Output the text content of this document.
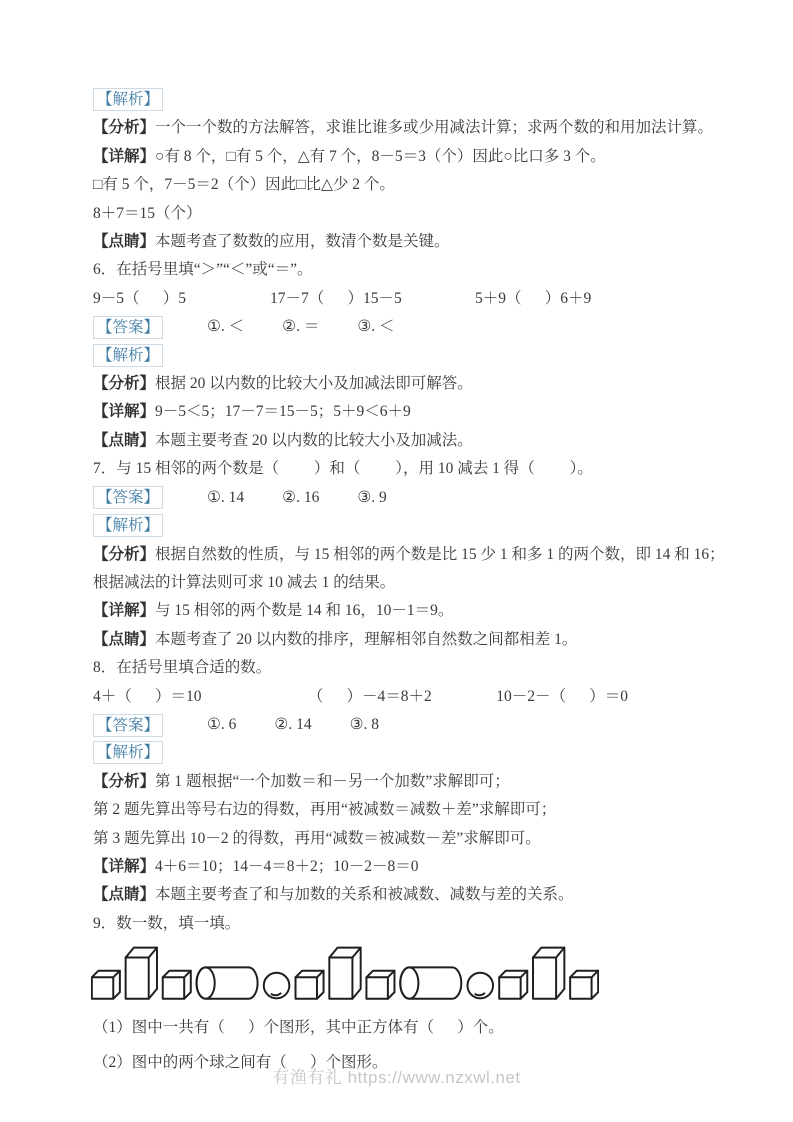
【解析】
【分析】一个一个数的方法解答，求谁比谁多或少用减法计算；求两个数的和用加法计算。
【详解】○有 8 个，□有 5 个，△有 7 个，8－5＝3（个）因此○比口多 3 个。
□有 5 个，7－5＝2（个）因此□比△少 2 个。
8＋7＝15（个）
【点睛】本题考查了数数的应用，数清个数是关键。
6．在括号里填“＞”“＜”或“＝”。
9－5（      ）5	17－7（      ）15－5	5＋9（      ）6＋9
【答案】	①. ＜ ②. ＝ ③. ＜
【解析】
【分析】根据 20 以内数的比较大小及加减法即可解答。
【详解】9－5＜5；17－7＝15－5；5＋9＜6＋9
【点睛】本题主要考查 20 以内数的比较大小及加减法。
7．与 15 相邻的两个数是（         ）和（         ），用 10 减去 1 得（         ）。
【答案】	①. 14 ②. 16 ③. 9
【解析】
【分析】根据自然数的性质，与 15 相邻的两个数是比 15 少 1 和多 1 的两个数，即 14 和 16；
根据减法的计算法则可求 10 减去 1 的结果。
【详解】与 15 相邻的两个数是 14 和 16，10－1＝9。
【点睛】本题考查了 20 以内数的排序，理解相邻自然数之间都相差 1。
8．在括号里填合适的数。
4＋（      ）＝10	（      ）－4＝8＋2	10－2－（      ）＝0
【答案】	①. 6 ②. 14 ③. 8
【解析】
【分析】第 1 题根据“一个加数＝和－另一个加数”求解即可；
第 2 题先算出等号右边的得数，再用“被减数＝减数＋差”求解即可；
第 3 题先算出 10－2 的得数，再用“减数＝被减数－差”求解即可。
【详解】4＋6＝10；14－4＝8＋2；10－2－8＝0
【点睛】本题主要考查了和与加数的关系和被减数、减数与差的关系。
9．数一数，填一填。
（1）图中一共有（      ）个图形，其中正方体有（      ）个。
（2）图中的两个球之间有（      ）个图形。
有渔有礼 https://www.nzxwl.net
